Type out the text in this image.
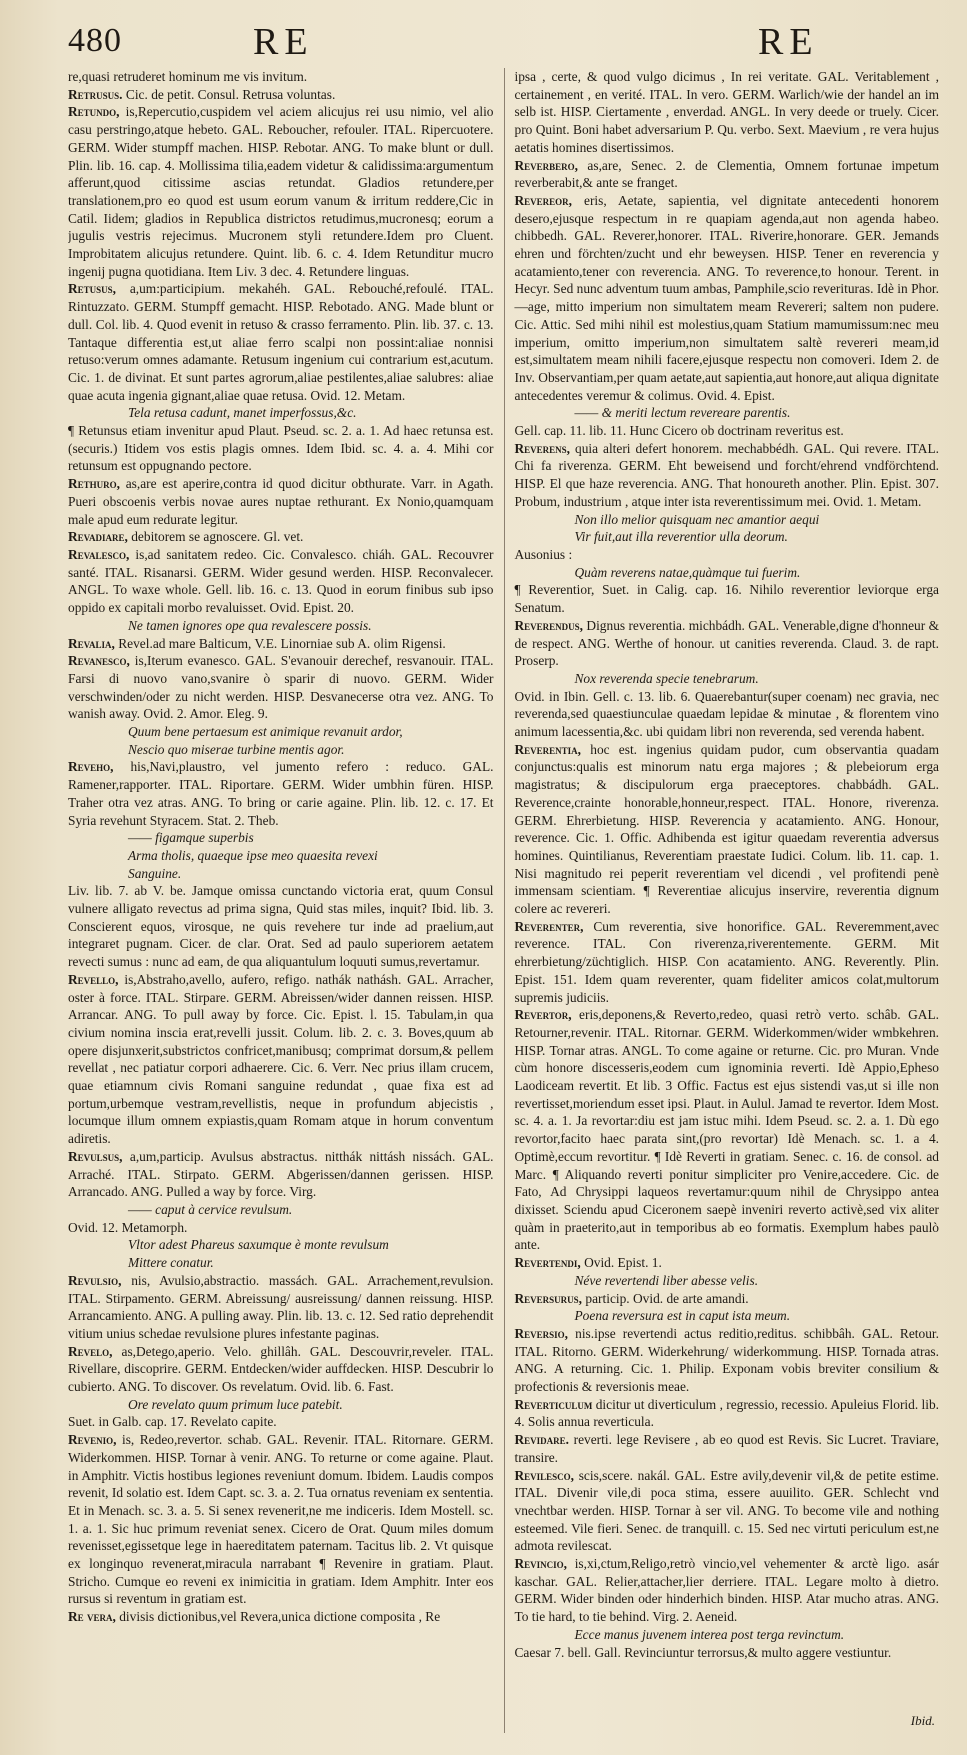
480	RE	RE

re,quasi retruderet hominum me vis invitum.

Retrusus. Cic. de petit. Consul. Retrusa voluntas.

Retundo, is,Repercutio,cuspidem vel aciem alicujus rei usu nimio, vel alio casu perstringo,atque hebeto. GAL. Reboucher, refouler. ITAL. Ripercuotere. GERM. Wider stumpff machen. HISP. Rebotar. ANG. To make blunt or dull. Plin. lib. 16. cap. 4. Mollissima tilia,eadem videtur & calidissima:argumentum afferunt,quod citissime ascias retundat. Gladios retundere,per translationem,pro eo quod est usum eorum vanum & irritum reddere,Cic in Catil. Iidem; gladios in Republica districtos retudimus,mucronesq; eorum a jugulis vestris rejecimus. Mucronem styli retundere.Idem pro Cluent. Improbitatem alicujus retundere. Quint. lib. 6. c. 4. Idem Retunditur mucro ingenij pugna quotidiana. Item Liv. 3 dec. 4. Retundere linguas.

Retusus, a,um:participium. mekahéh. GAL. Rebouché,refoulé. ITAL. Rintuzzato. GERM. Stumpff gemacht. HISP. Rebotado. ANG. Made blunt or dull. Col. lib. 4. Quod evenit in retuso & crasso ferramento. Plin. lib. 37. c. 13. Tantaque differentia est,ut aliae ferro scalpi non possint:aliae nonnisi retuso:verum omnes adamante. Retusum ingenium cui contrarium est,acutum. Cic. 1. de divinat. Et sunt partes agrorum,aliae pestilentes,aliae salubres: aliae quae acuta ingenia gignant,aliae quae retusa. Ovid. 12. Metam.

Tela retusa cadunt, manet imperfossus,&c.

¶ Retunsus etiam invenitur apud Plaut. Pseud. sc. 2. a. 1. Ad haec retunsa est. (securis.) Itidem vos estis plagis omnes. Idem Ibid. sc. 4. a. 4. Mihi cor retunsum est oppugnando pectore.

Rethuro, as,are est aperire,contra id quod dicitur obthurate. Varr. in Agath. Pueri obscoenis verbis novae aures nuptae rethurant. Ex Nonio,quamquam male apud eum redurate legitur.

Revadiare, debitorem se agnoscere. Gl. vet.

Revalesco, is,ad sanitatem redeo. Cic. Convalesco. chiáh. GAL. Recouvrer santé. ITAL. Risanarsi. GERM. Wider gesund werden. HISP. Reconvalecer. ANGL. To waxe whole. Gell. lib. 16. c. 13. Quod in eorum finibus sub ipso oppido ex capitali morbo revaluisset. Ovid. Epist. 20.

Ne tamen ignores ope qua revalescere possis.

Revalia, Revel.ad mare Balticum, V.E. Linorniae sub A. olim Rigensi.

Revanesco, is,Iterum evanesco. GAL. S'evanouir derechef, resvanouir. ITAL. Farsi di nuovo vano,svanire ò sparir di nuovo. GERM. Wider verschwinden/oder zu nicht werden. HISP. Desvanecerse otra vez. ANG. To wanish away. Ovid. 2. Amor. Eleg. 9.

Quum bene pertaesum est animique revanuit ardor,

Nescio quo miserae turbine mentis agor.

Reveho, his,Navi,plaustro, vel jumento refero : reduco. GAL. Ramener,rapporter. ITAL. Riportare. GERM. Wider umbhin füren. HISP. Traher otra vez atras. ANG. To bring or carie againe. Plin. lib. 12. c. 17. Et Syria revehunt Styracem. Stat. 2. Theb.

—— figamque superbis

Arma tholis, quaeque ipse meo quaesita revexi

Sanguine.

Liv. lib. 7. ab V. be. Jamque omissa cunctando victoria erat, quum Consul vulnere alligato revectus ad prima signa, Quid stas miles, inquit? Ibid. lib. 3. Conscierent equos, virosque, ne quis revehere tur inde ad praelium,aut integraret pugnam. Cicer. de clar. Orat. Sed ad paulo superiorem aetatem revecti sumus : nunc ad eam, de qua aliquantulum loquuti sumus,revertamur.

Revello, is,Abstraho,avello, aufero, refigo. nathák nathásh. GAL. Arracher, oster à force. ITAL. Stirpare. GERM. Abreissen/wider dannen reissen. HISP. Arrancar. ANG. To pull away by force. Cic. Epist. l. 15. Tabulam,in qua civium nomina inscia erat,revelli jussit. Colum. lib. 2. c. 3. Boves,quum ab opere disjunxerit,substrictos confricet,manibusq; comprimat dorsum,& pellem revellat , nec patiatur corpori adhaerere. Cic. 6. Verr. Nec prius illam crucem, quae etiamnum civis Romani sanguine redundat , quae fixa est ad portum,urbemque vestram,revellistis, neque in profundum abjecistis , locumque illum omnem expiastis,quam Romam atque in horum conventum adiretis.

Revulsus, a,um,particip. Avulsus abstractus. nitthák nittásh nissách. GAL. Arraché. ITAL. Stirpato. GERM. Abgerissen/dannen gerissen. HISP. Arrancado. ANG. Pulled a way by force. Virg.

—— caput à cervice revulsum.

Ovid. 12. Metamorph.

Vltor adest Phareus saxumque è monte revulsum

Mittere conatur.

Revulsio, nis, Avulsio,abstractio. massách. GAL. Arrachement,revulsion. ITAL. Stirpamento. GERM. Abreissung/ ausreissung/ dannen reissung. HISP. Arrancamiento. ANG. A pulling away. Plin. lib. 13. c. 12. Sed ratio deprehendit vitium unius schedae revulsione plures infestante paginas.

Revelo, as,Detego,aperio. Velo. ghillâh. GAL. Descouvrir,reveler. ITAL. Rivellare, discoprire. GERM. Entdecken/wider auffdecken. HISP. Descubrir lo cubierto. ANG. To discover. Os revelatum. Ovid. lib. 6. Fast.

Ore revelato quum primum luce patebit.

Suet. in Galb. cap. 17. Revelato capite.

Revenio, is, Redeo,revertor. schab. GAL. Revenir. ITAL. Ritornare. GERM. Widerkommen. HISP. Tornar à venir. ANG. To returne or come againe. Plaut. in Amphitr. Victis hostibus legiones reveniunt domum. Ibidem. Laudis compos revenit, Id solatio est. Idem Capt. sc. 3. a. 2. Tua ornatus reveniam ex sententia. Et in Menach. sc. 3. a. 5. Si senex revenerit,ne me indiceris. Idem Mostell. sc. 1. a. 1. Sic huc primum reveniat senex. Cicero de Orat. Quum miles domum revenisset,egissetque lege in haereditatem paternam. Tacitus lib. 2. Vt quisque ex longinquo revenerat,miracula narrabant ¶ Revenire in gratiam. Plaut. Stricho. Cumque eo reveni ex inimicitia in gratiam. Idem Amphitr. Inter eos rursus si reventum in gratiam est.

Re vera, divisis dictionibus,vel Revera,unica dictione composita , Re

ipsa , certe, & quod vulgo dicimus , In rei veritate. GAL. Veritablement , certainement , en verité. ITAL. In vero. GERM. Warlich/wie der handel an im selb ist. HISP. Ciertamente , enverdad. ANGL. In very deede or truely. Cicer. pro Quint. Boni habet adversarium P. Qu. verbo. Sext. Maevium , re vera hujus aetatis homines disertissimos.

Reverbero, as,are, Senec. 2. de Clementia, Omnem fortunae impetum reverberabit,& ante se franget.

Revereor, eris, Aetate, sapientia, vel dignitate antecedenti honorem desero,ejusque respectum in re quapiam agenda,aut non agenda habeo. chibbedh. GAL. Reverer,honorer. ITAL. Riverire,honorare. GER. Jemands ehren und förchten/zucht und ehr beweysen. HISP. Tener en reverencia y acatamiento,tener con reverencia. ANG. To reverence,to honour. Terent. in Hecyr. Sed nunc adventum tuum ambas, Pamphile,scio reverituras. Idè in Phor. —age, mitto imperium non simultatem meam Revereri; saltem non pudere. Cic. Attic. Sed mihi nihil est molestius,quam Statium mamumissum:nec meu imperium, omitto imperium,non simultatem saltè revereri meam,id est,simultatem meam nihili facere,ejusque respectu non comoveri. Idem 2. de Inv. Observantiam,per quam aetate,aut sapientia,aut honore,aut aliqua dignitate antecedentes veremur & colimus. Ovid. 4. Epist.

—— & meriti lectum revereare parentis.

Gell. cap. 11. lib. 11. Hunc Cicero ob doctrinam reveritus est.

Reverens, quia alteri defert honorem. mechabbédh. GAL. Qui revere. ITAL. Chi fa riverenza. GERM. Eht beweisend und forcht/ehrend vndförchtend. HISP. El que haze reverencia. ANG. That honoureth another. Plin. Epist. 307. Probum, industrium , atque inter ista reverentissimum mei. Ovid. 1. Metam.

Non illo melior quisquam nec amantior aequi

Vir fuit,aut illa reverentior ulla deorum.

Ausonius :

Quàm reverens natae,quàmque tui fuerim.

¶ Reverentior, Suet. in Calig. cap. 16. Nihilo reverentior leviorque erga Senatum.

Reverendus, Dignus reverentia. michbádh. GAL. Venerable,digne d'honneur & de respect. ANG. Werthe of honour. ut canities reverenda. Claud. 3. de rapt. Proserp.

Nox reverenda specie tenebrarum.

Ovid. in Ibin. Gell. c. 13. lib. 6. Quaerebantur(super coenam) nec gravia, nec reverenda,sed quaestiunculae quaedam lepidae & minutae , & florentem vino animum lacessentia,&c. ubi quidam libri non reverenda, sed verenda habent.

Reverentia, hoc est. ingenius quidam pudor, cum observantia quadam conjunctus:qualis est minorum natu erga majores ; & plebeiorum erga magistratus; & discipulorum erga praeceptores. chabbádh. GAL. Reverence,crainte honorable,honneur,respect. ITAL. Honore, riverenza. GERM. Ehrerbietung. HISP. Reverencia y acatamiento. ANG. Honour, reverence. Cic. 1. Offic. Adhibenda est igitur quaedam reverentia adversus homines. Quintilianus, Reverentiam praestate Iudici. Colum. lib. 11. cap. 1. Nisi magnitudo rei peperit reverentiam vel dicendi , vel profitendi penè immensam scientiam. ¶ Reverentiae alicujus inservire, reverentia dignum colere ac revereri.

Reverenter, Cum reverentia, sive honorifice. GAL. Reveremment,avec reverence. ITAL. Con riverenza,riverentemente. GERM. Mit ehrerbietung/züchtiglich. HISP. Con acatamiento. ANG. Reverently. Plin. Epist. 151. Idem quam reverenter, quam fideliter amicos colat,multorum supremis judiciis.

Revertor, eris,deponens,& Reverto,redeo, quasi retrò verto. schâb. GAL. Retourner,revenir. ITAL. Ritornar. GERM. Widerkommen/wider wmbkehren. HISP. Tornar atras. ANGL. To come againe or returne. Cic. pro Muran. Vnde cùm honore discesseris,eodem cum ignominia reverti. Idè Appio,Epheso Laodiceam revertit. Et lib. 3 Offic. Factus est ejus sistendi vas,ut si ille non revertisset,moriendum esset ipsi. Plaut. in Aulul. Jamad te revertor. Idem Most. sc. 4. a. 1. Ja revortar:diu est jam istuc mihi. Idem Pseud. sc. 2. a. 1. Dù ego revortor,facito haec parata sint,(pro revortar) Idè Menach. sc. 1. a 4. Optimè,eccum revortitur. ¶ Idè Reverti in gratiam. Senec. c. 16. de consol. ad Marc. ¶ Aliquando reverti ponitur simpliciter pro Venire,accedere. Cic. de Fato, Ad Chrysippi laqueos revertamur:quum nihil de Chrysippo antea dixisset. Sciendu apud Ciceronem saepè inveniri reverto activè,sed vix aliter quàm in praeterito,aut in temporibus ab eo formatis. Exemplum habes paulò ante.

Revertendi, Ovid. Epist. 1.

Néve revertendi liber abesse velis.

Reversurus, particip. Ovid. de arte amandi.

Poena reversura est in caput ista meum.

Reversio, nis.ipse revertendi actus reditio,reditus. schibbâh. GAL. Retour. ITAL. Ritorno. GERM. Widerkehrung/ widerkommung. HISP. Tornada atras. ANG. A returning. Cic. 1. Philip. Exponam vobis breviter consilium & profectionis & reversionis meae.

Reverticulum dicitur ut diverticulum , regressio, recessio. Apuleius Florid. lib. 4. Solis annua reverticula.

Revidare. reverti. lege Revisere , ab eo quod est Revis. Sic Lucret. Traviare, transire.

Revilesco, scis,scere. nakál. GAL. Estre avily,devenir vil,& de petite estime. ITAL. Divenir vile,di poca stima, essere auuilito. GER. Schlecht vnd vnechtbar werden. HISP. Tornar à ser vil. ANG. To become vile and nothing esteemed. Vile fieri. Senec. de tranquill. c. 15. Sed nec virtuti periculum est,ne admota revilescat.

Revincio, is,xi,ctum,Religo,retrò vincio,vel vehementer & arctè ligo. asár kaschar. GAL. Relier,attacher,lier derriere. ITAL. Legare molto à dietro. GERM. Wider binden oder hinderhich binden. HISP. Atar mucho atras. ANG. To tie hard, to tie behind. Virg. 2. Aeneid.

Ecce manus juvenem interea post terga revinctum.

Caesar 7. bell. Gall. Revinciuntur terrorsus,& multo aggere vestiuntur.

Ibid.
